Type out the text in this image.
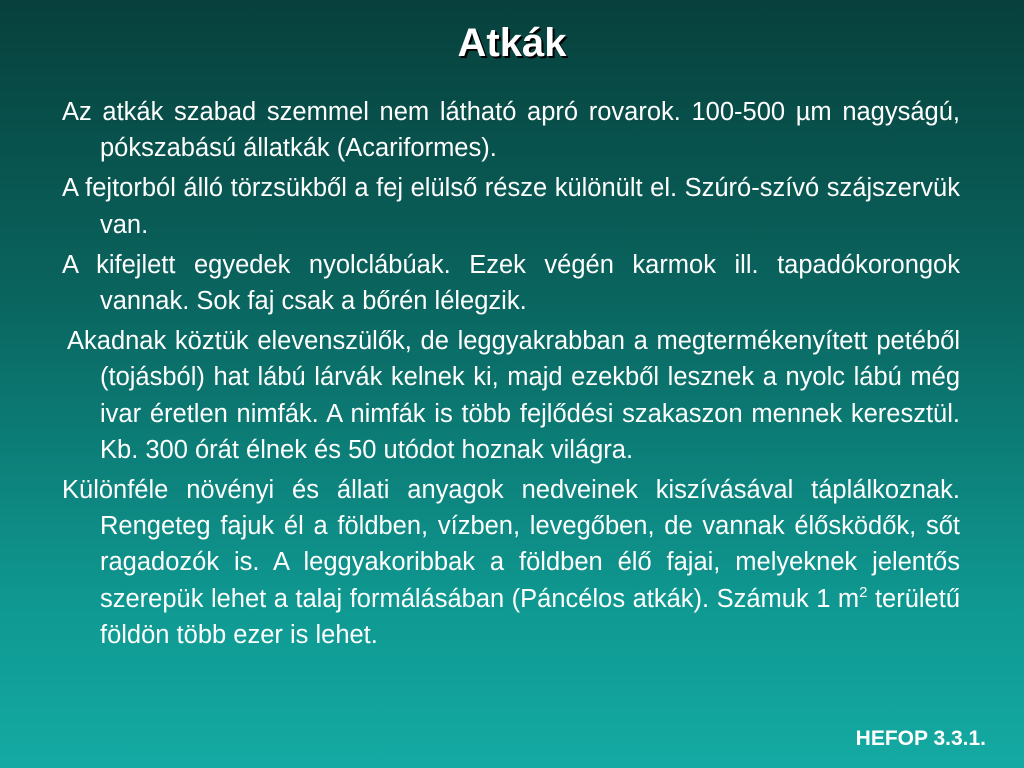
Atkák

Az atkák szabad szemmel nem látható apró rovarok. 100-500 µm nagyságú, pókszabású állatkák (Acariformes).

A fejtorból álló törzsükből a fej elülső része különült el. Szúró-szívó szájszervük van.

A kifejlett egyedek nyolclábúak. Ezek végén karmok ill. tapadókorongok vannak. Sok faj csak a bőrén lélegzik.

Akadnak köztük elevenszülők, de leggyakrabban a megtermékenyített petéből (tojásból) hat lábú lárvák kelnek ki, majd ezekből lesznek a nyolc lábú még ivar éretlen nimfák. A nimfák is több fejlődési szakaszon mennek keresztül. Kb. 300 órát élnek és 50 utódot hoznak világra.

Különféle növényi és állati anyagok nedveinek kiszívásával táplálkoznak. Rengeteg fajuk él a földben, vízben, levegőben, de vannak élősködők, sőt ragadozók is. A leggyakoribbak a földben élő fajai, melyeknek jelentős szerepük lehet a talaj formálásában (Páncélos atkák). Számuk 1 $m^2$ területű földön több ezer is lehet.

HEFOP 3.3.1.
